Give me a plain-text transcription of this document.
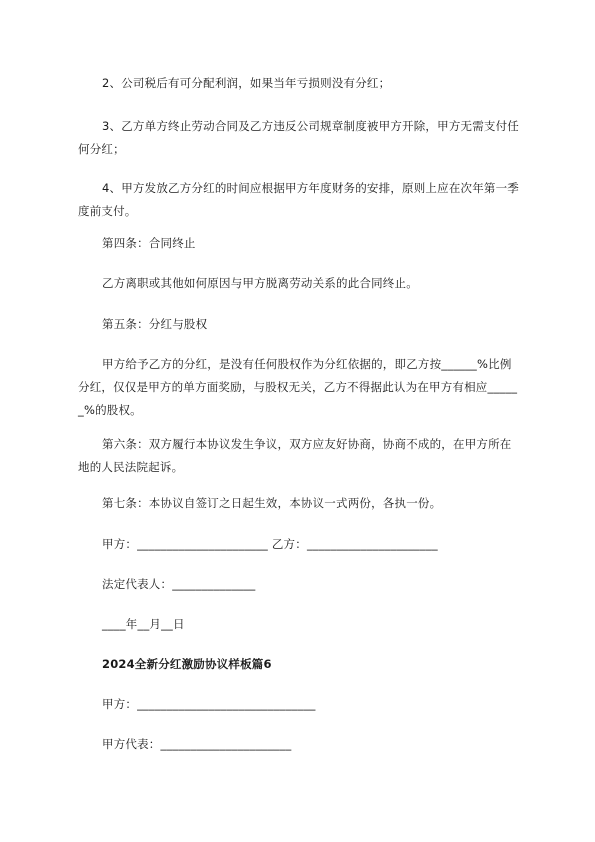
2、公司税后有可分配利润，如果当年亏损则没有分红；

3、乙方单方终止劳动合同及乙方违反公司规章制度被甲方开除，甲方无需支付任何分红；

4、甲方发放乙方分红的时间应根据甲方年度财务的安排，原则上应在次年第一季度前支付。

第四条：合同终止

乙方离职或其他如何原因与甲方脱离劳动关系的此合同终止。

第五条：分红与股权

甲方给予乙方的分红，是没有任何股权作为分红依据的，即乙方按______%比例分红，仅仅是甲方的单方面奖励，与股权无关，乙方不得据此认为在甲方有相应______%的股权。

第六条：双方履行本协议发生争议，双方应友好协商，协商不成的，在甲方所在地的人民法院起诉。

第七条：本协议自签订之日起生效，本协议一式两份，各执一份。

甲方：______________________ 乙方：______________________

法定代表人：______________

____年__月__日

2024全新分红激励协议样板篇6

甲方：______________________________

甲方代表：______________________
